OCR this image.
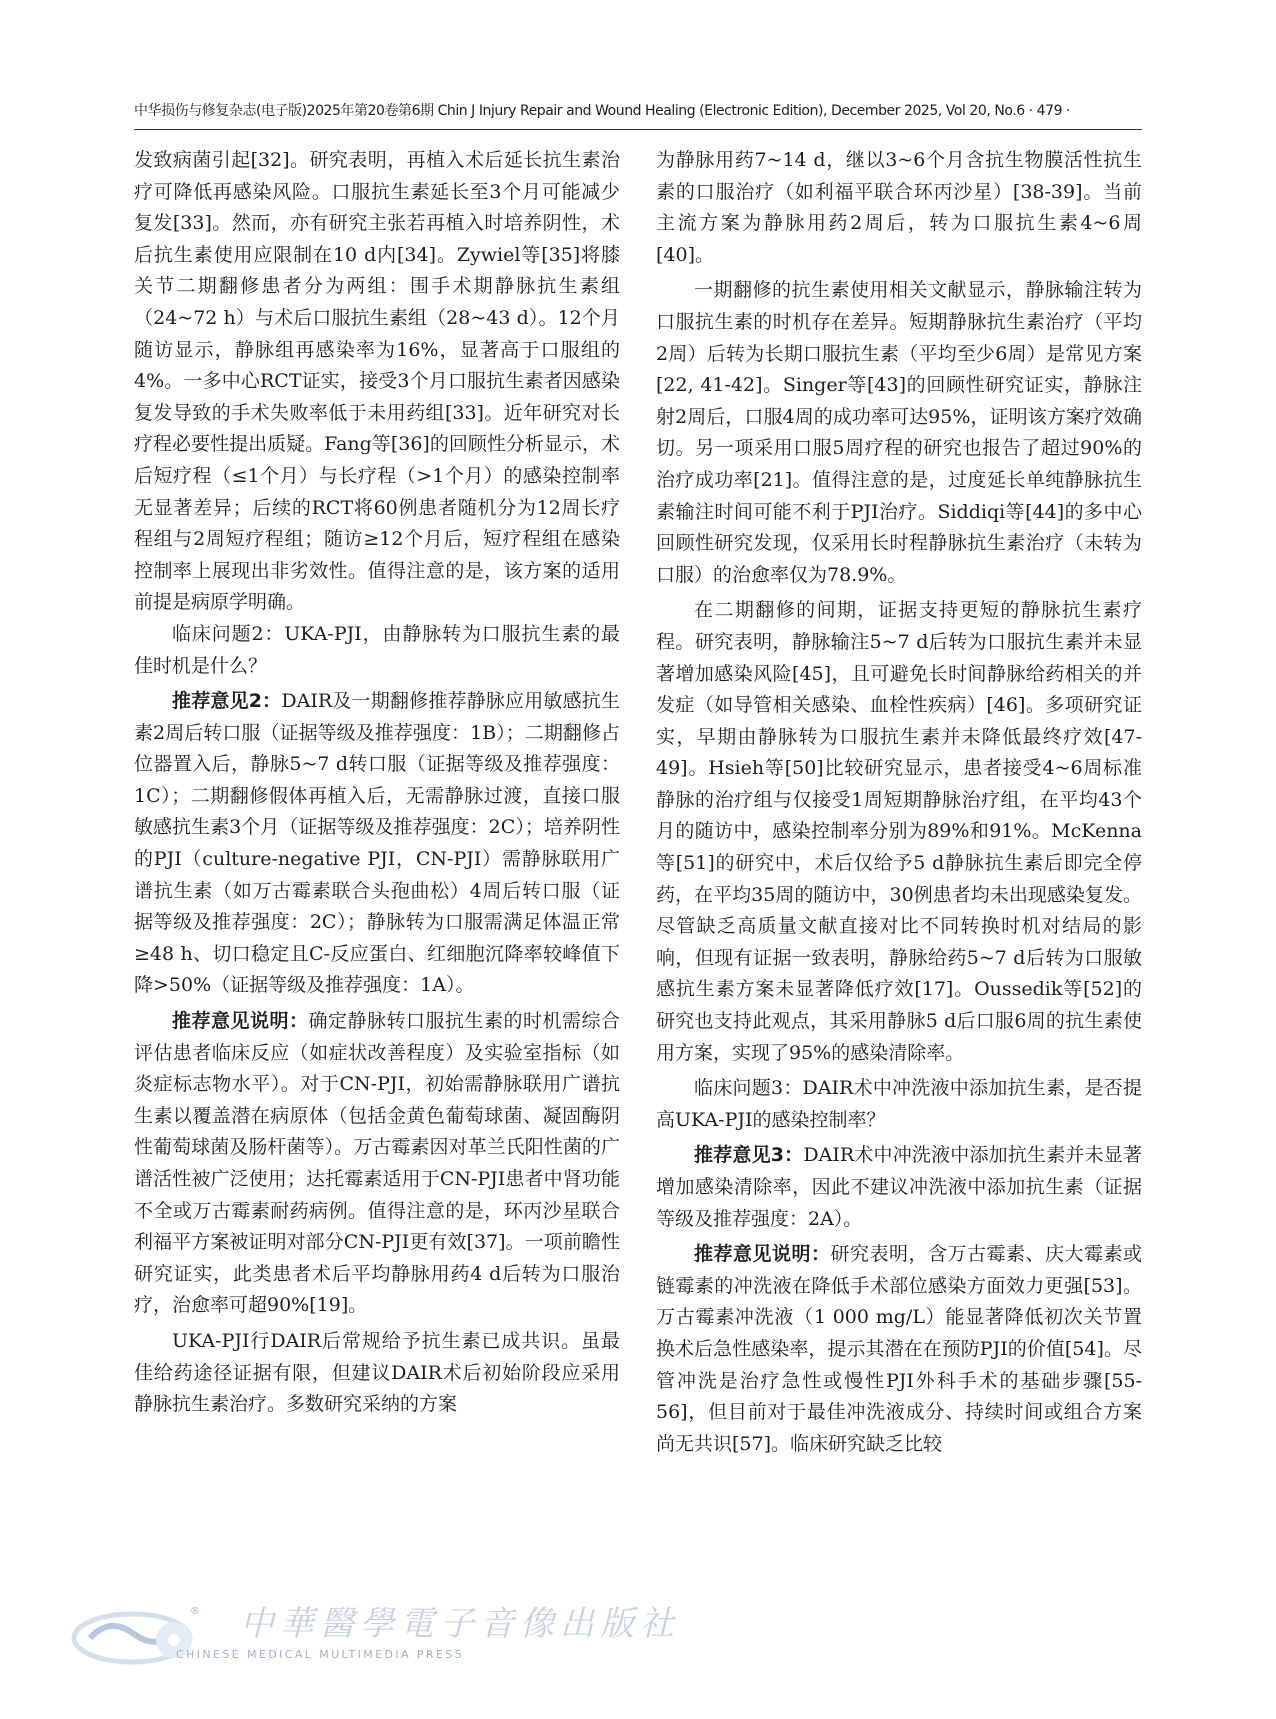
中华损伤与修复杂志(电子版)2025年第20卷第6期 Chin J Injury Repair and Wound Healing (Electronic Edition), December 2025, Vol 20, No.6 · 479 ·

发致病菌引起[32]。研究表明，再植入术后延长抗生素治疗可降低再感染风险。口服抗生素延长至3个月可能减少复发[33]。然而，亦有研究主张若再植入时培养阴性，术后抗生素使用应限制在10 d内[34]。Zywiel等[35]将膝关节二期翻修患者分为两组：围手术期静脉抗生素组（24~72 h）与术后口服抗生素组（28~43 d）。12个月随访显示，静脉组再感染率为16%，显著高于口服组的4%。一多中心RCT证实，接受3个月口服抗生素者因感染复发导致的手术失败率低于未用药组[33]。近年研究对长疗程必要性提出质疑。Fang等[36]的回顾性分析显示，术后短疗程（≤1个月）与长疗程（>1个月）的感染控制率无显著差异；后续的RCT将60例患者随机分为12周长疗程组与2周短疗程组；随访≥12个月后，短疗程组在感染控制率上展现出非劣效性。值得注意的是，该方案的适用前提是病原学明确。

临床问题2：UKA-PJI，由静脉转为口服抗生素的最佳时机是什么？

推荐意见2：DAIR及一期翻修推荐静脉应用敏感抗生素2周后转口服（证据等级及推荐强度：1B）；二期翻修占位器置入后，静脉5~7 d转口服（证据等级及推荐强度：1C）；二期翻修假体再植入后，无需静脉过渡，直接口服敏感抗生素3个月（证据等级及推荐强度：2C）；培养阴性的PJI（culture-negative PJI，CN-PJI）需静脉联用广谱抗生素（如万古霉素联合头孢曲松）4周后转口服（证据等级及推荐强度：2C）；静脉转为口服需满足体温正常≥48 h、切口稳定且C-反应蛋白、红细胞沉降率较峰值下降>50%（证据等级及推荐强度：1A）。

推荐意见说明：确定静脉转口服抗生素的时机需综合评估患者临床反应（如症状改善程度）及实验室指标（如炎症标志物水平）。对于CN-PJI，初始需静脉联用广谱抗生素以覆盖潜在病原体（包括金黄色葡萄球菌、凝固酶阴性葡萄球菌及肠杆菌等）。万古霉素因对革兰氏阳性菌的广谱活性被广泛使用；达托霉素适用于CN-PJI患者中肾功能不全或万古霉素耐药病例。值得注意的是，环丙沙星联合利福平方案被证明对部分CN-PJI更有效[37]。一项前瞻性研究证实，此类患者术后平均静脉用药4 d后转为口服治疗，治愈率可超90%[19]。

UKA-PJI行DAIR后常规给予抗生素已成共识。虽最佳给药途径证据有限，但建议DAIR术后初始阶段应采用静脉抗生素治疗。多数研究采纳的方案

为静脉用药7~14 d，继以3~6个月含抗生物膜活性抗生素的口服治疗（如利福平联合环丙沙星）[38-39]。当前主流方案为静脉用药2周后，转为口服抗生素4~6周[40]。

一期翻修的抗生素使用相关文献显示，静脉输注转为口服抗生素的时机存在差异。短期静脉抗生素治疗（平均2周）后转为长期口服抗生素（平均至少6周）是常见方案[22, 41-42]。Singer等[43]的回顾性研究证实，静脉注射2周后，口服4周的成功率可达95%，证明该方案疗效确切。另一项采用口服5周疗程的研究也报告了超过90%的治疗成功率[21]。值得注意的是，过度延长单纯静脉抗生素输注时间可能不利于PJI治疗。Siddiqi等[44]的多中心回顾性研究发现，仅采用长时程静脉抗生素治疗（未转为口服）的治愈率仅为78.9%。

在二期翻修的间期，证据支持更短的静脉抗生素疗程。研究表明，静脉输注5~7 d后转为口服抗生素并未显著增加感染风险[45]，且可避免长时间静脉给药相关的并发症（如导管相关感染、血栓性疾病）[46]。多项研究证实，早期由静脉转为口服抗生素并未降低最终疗效[47-49]。Hsieh等[50]比较研究显示，患者接受4~6周标准静脉的治疗组与仅接受1周短期静脉治疗组，在平均43个月的随访中，感染控制率分别为89%和91%。McKenna等[51]的研究中，术后仅给予5 d静脉抗生素后即完全停药，在平均35周的随访中，30例患者均未出现感染复发。尽管缺乏高质量文献直接对比不同转换时机对结局的影响，但现有证据一致表明，静脉给药5~7 d后转为口服敏感抗生素方案未显著降低疗效[17]。Oussedik等[52]的研究也支持此观点，其采用静脉5 d后口服6周的抗生素使用方案，实现了95%的感染清除率。

临床问题3：DAIR术中冲洗液中添加抗生素，是否提高UKA-PJI的感染控制率？

推荐意见3：DAIR术中冲洗液中添加抗生素并未显著增加感染清除率，因此不建议冲洗液中添加抗生素（证据等级及推荐强度：2A）。

推荐意见说明：研究表明，含万古霉素、庆大霉素或链霉素的冲洗液在降低手术部位感染方面效力更强[53]。万古霉素冲洗液（1 000 mg/L）能显著降低初次关节置换术后急性感染率，提示其潜在在预防PJI的价值[54]。尽管冲洗是治疗急性或慢性PJI外科手术的基础步骤[55-56]，但目前对于最佳冲洗液成分、持续时间或组合方案尚无共识[57]。临床研究缺乏比较

® 中華醫學電子音像出版社
CHINESE MEDICAL MULTIMEDIA PRESS
